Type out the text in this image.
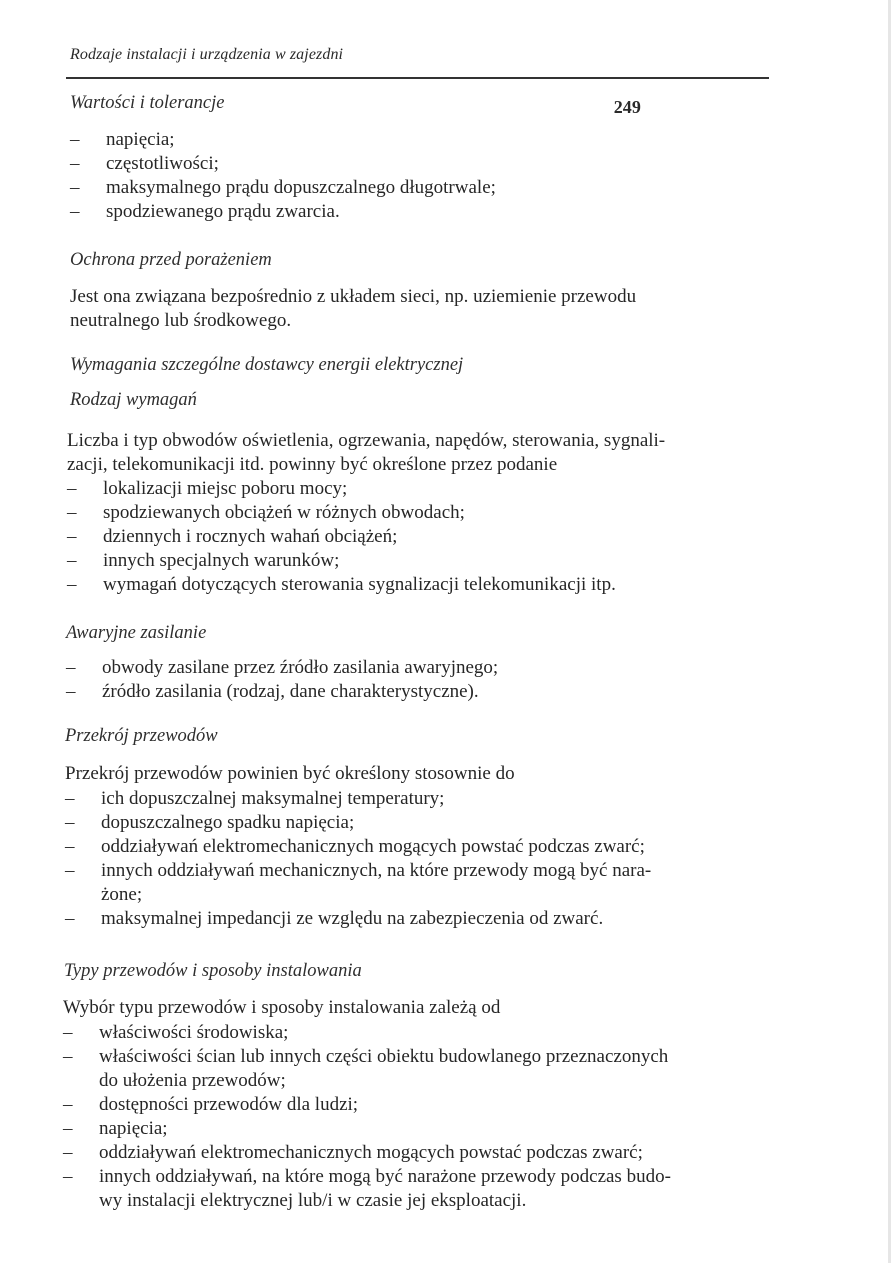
Rodzaje instalacji i urządzenia w zajezdni
249
Wartości i tolerancje
– napięcia;
– częstotliwości;
– maksymalnego prądu dopuszczalnego długotrwale;
– spodziewanego prądu zwarcia.
Ochrona przed porażeniem
Jest ona związana bezpośrednio z układem sieci, np. uziemienie przewodu
neutralnego lub środkowego.
Wymagania szczególne dostawcy energii elektrycznej
Rodzaj wymagań
Liczba i typ obwodów oświetlenia, ogrzewania, napędów, sterowania, sygnali-
zacji, telekomunikacji itd. powinny być określone przez podanie
– lokalizacji miejsc poboru mocy;
– spodziewanych obciążeń w różnych obwodach;
– dziennych i rocznych wahań obciążeń;
– innych specjalnych warunków;
– wymagań dotyczących sterowania sygnalizacji telekomunikacji itp.
Awaryjne zasilanie
– obwody zasilane przez źródło zasilania awaryjnego;
– źródło zasilania (rodzaj, dane charakterystyczne).
Przekrój przewodów
Przekrój przewodów powinien być określony stosownie do
– ich dopuszczalnej maksymalnej temperatury;
– dopuszczalnego spadku napięcia;
– oddziaływań elektromechanicznych mogących powstać podczas zwarć;
– innych oddziaływań mechanicznych, na które przewody mogą być nara-
żone;
– maksymalnej impedancji ze względu na zabezpieczenia od zwarć.
Typy przewodów i sposoby instalowania
Wybór typu przewodów i sposoby instalowania zależą od
– właściwości środowiska;
– właściwości ścian lub innych części obiektu budowlanego przeznaczonych
do ułożenia przewodów;
– dostępności przewodów dla ludzi;
– napięcia;
– oddziaływań elektromechanicznych mogących powstać podczas zwarć;
– innych oddziaływań, na które mogą być narażone przewody podczas budo-
wy instalacji elektrycznej lub/i w czasie jej eksploatacji.
